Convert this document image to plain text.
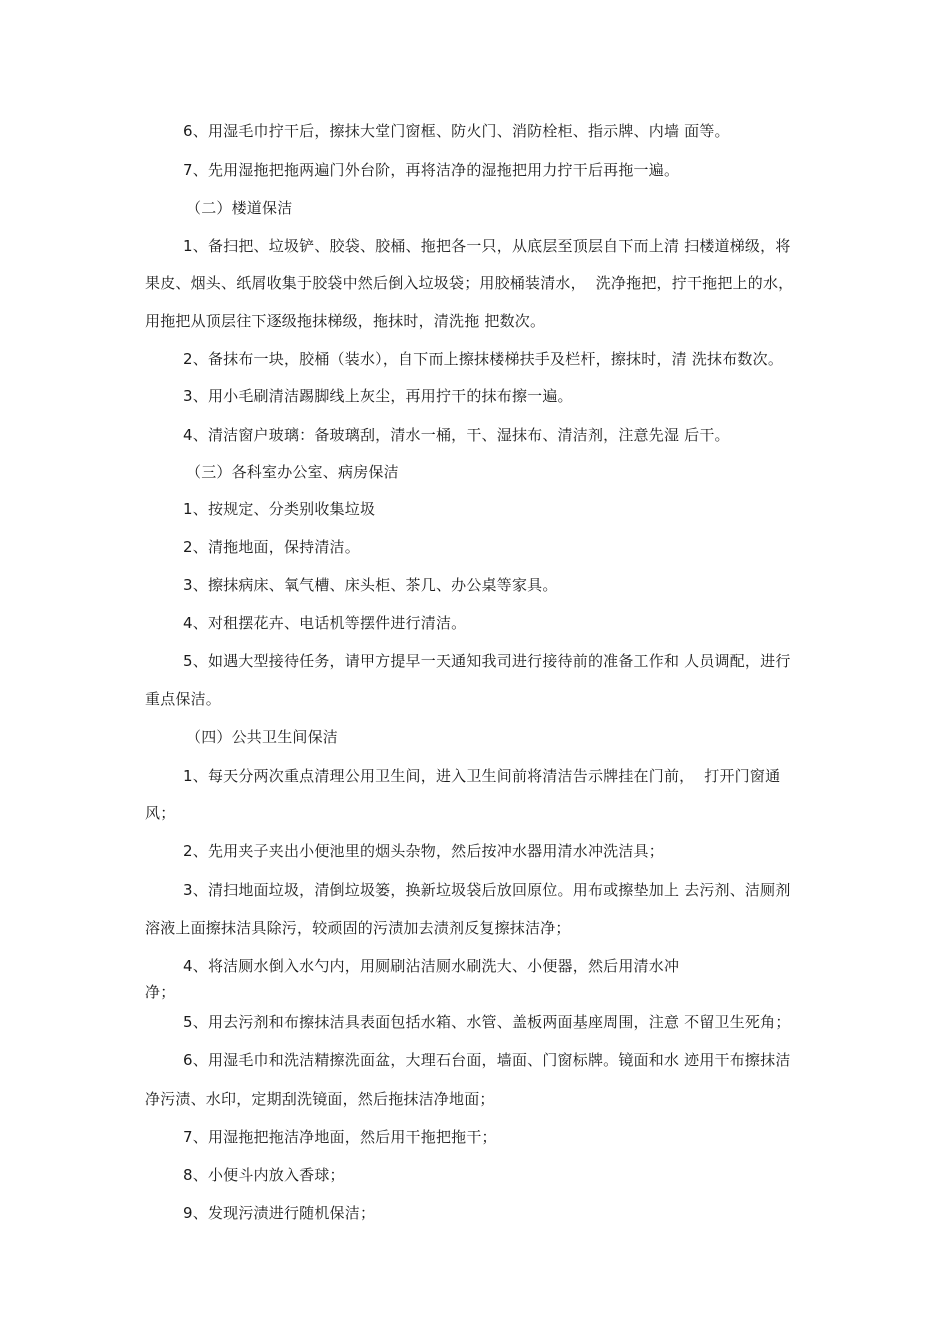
6、用湿毛巾拧干后，擦抹大堂门窗框、防火门、消防栓柜、指示牌、内墙 面等。
7、先用湿拖把拖两遍门外台阶，再将洁净的湿拖把用力拧干后再拖一遍。
（二）楼道保洁
1、备扫把、垃圾铲、胶袋、胶桶、拖把各一只，从底层至顶层自下而上清 扫楼道梯级，将
果皮、烟头、纸屑收集于胶袋中然后倒入垃圾袋；用胶桶装清水，  洗净拖把，拧干拖把上的水，
用拖把从顶层往下逐级拖抹梯级，拖抹时，清洗拖 把数次。
2、备抹布一块，胶桶（装水），自下而上擦抹楼梯扶手及栏杆，擦抹时，清 洗抹布数次。
3、用小毛刷清洁踢脚线上灰尘，再用拧干的抹布擦一遍。
4、清洁窗户玻璃：备玻璃刮，清水一桶，干、湿抹布、清洁剂，注意先湿 后干。
（三）各科室办公室、病房保洁
1、按规定、分类别收集垃圾
2、清拖地面，保持清洁。
3、擦抹病床、氧气槽、床头柜、茶几、办公桌等家具。
4、对租摆花卉、电话机等摆件进行清洁。
5、如遇大型接待任务，请甲方提早一天通知我司进行接待前的准备工作和 人员调配，进行
重点保洁。
（四）公共卫生间保洁
1、每天分两次重点清理公用卫生间，进入卫生间前将清洁告示牌挂在门前，  打开门窗通
风；
2、先用夹子夹出小便池里的烟头杂物，然后按冲水器用清水冲洗洁具；
3、清扫地面垃圾，清倒垃圾篓，换新垃圾袋后放回原位。用布或擦垫加上 去污剂、洁厕剂
溶液上面擦抹洁具除污，较顽固的污渍加去渍剂反复擦抹洁净；
4、将洁厕水倒入水勺内，用厕刷沾洁厕水刷洗大、小便器，然后用清水冲
净；
5、用去污剂和布擦抹洁具表面包括水箱、水管、盖板两面基座周围，注意 不留卫生死角；
6、用湿毛巾和洗洁精擦洗面盆，大理石台面，墙面、门窗标牌。镜面和水 迹用干布擦抹洁
净污渍、水印，定期刮洗镜面，然后拖抹洁净地面；
7、用湿拖把拖洁净地面，然后用干拖把拖干；
8、小便斗内放入香球；
9、发现污渍进行随机保洁；
